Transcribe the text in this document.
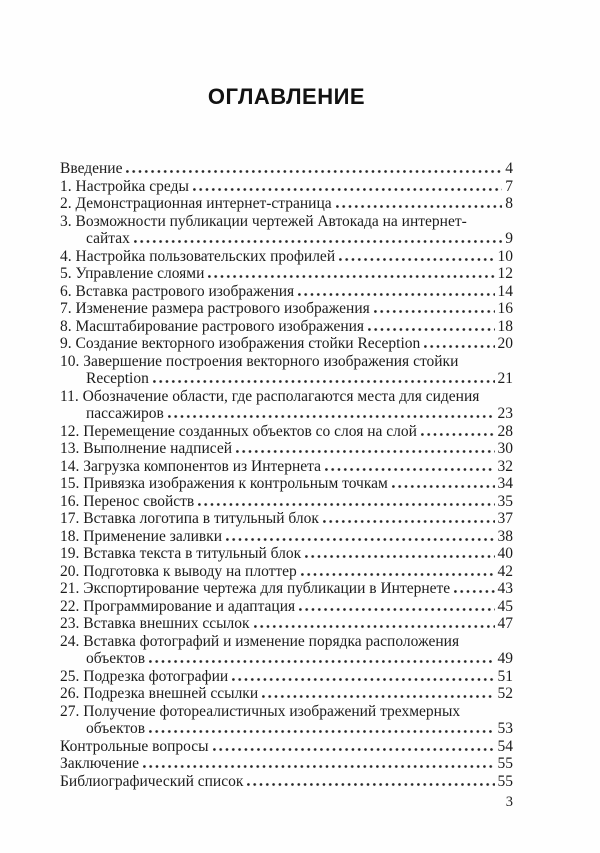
ОГЛАВЛЕНИЕ
Введение	4
1. Настройка среды	7
2. Демонстрационная интернет-страница	8
3. Возможности публикации чертежей Автокада на интернет-
сайтах	9
4. Настройка пользовательских профилей	10
5. Управление слоями	12
6. Вставка растрового изображения	14
7. Изменение размера растрового изображения	16
8. Масштабирование растрового изображения	18
9. Создание векторного изображения стойки Reception	20
10. Завершение построения векторного изображения стойки
Reception	21
11. Обозначение области, где располагаются места для сидения
пассажиров	23
12. Перемещение созданных объектов со слоя на слой	28
13. Выполнение надписей	30
14. Загрузка компонентов из Интернета	32
15. Привязка изображения к контрольным точкам	34
16. Перенос свойств	35
17. Вставка логотипа в титульный блок	37
18. Применение заливки	38
19. Вставка текста в титульный блок	40
20. Подготовка к выводу на плоттер	42
21. Экспортирование чертежа для публикации в Интернете	43
22. Программирование и адаптация	45
23. Вставка внешних ссылок	47
24. Вставка фотографий и изменение порядка расположения
объектов	49
25. Подрезка фотографии	51
26. Подрезка внешней ссылки	52
27. Получение фотореалистичных изображений трехмерных
объектов	53
Контрольные вопросы	54
Заключение	55
Библиографический список	55
3
